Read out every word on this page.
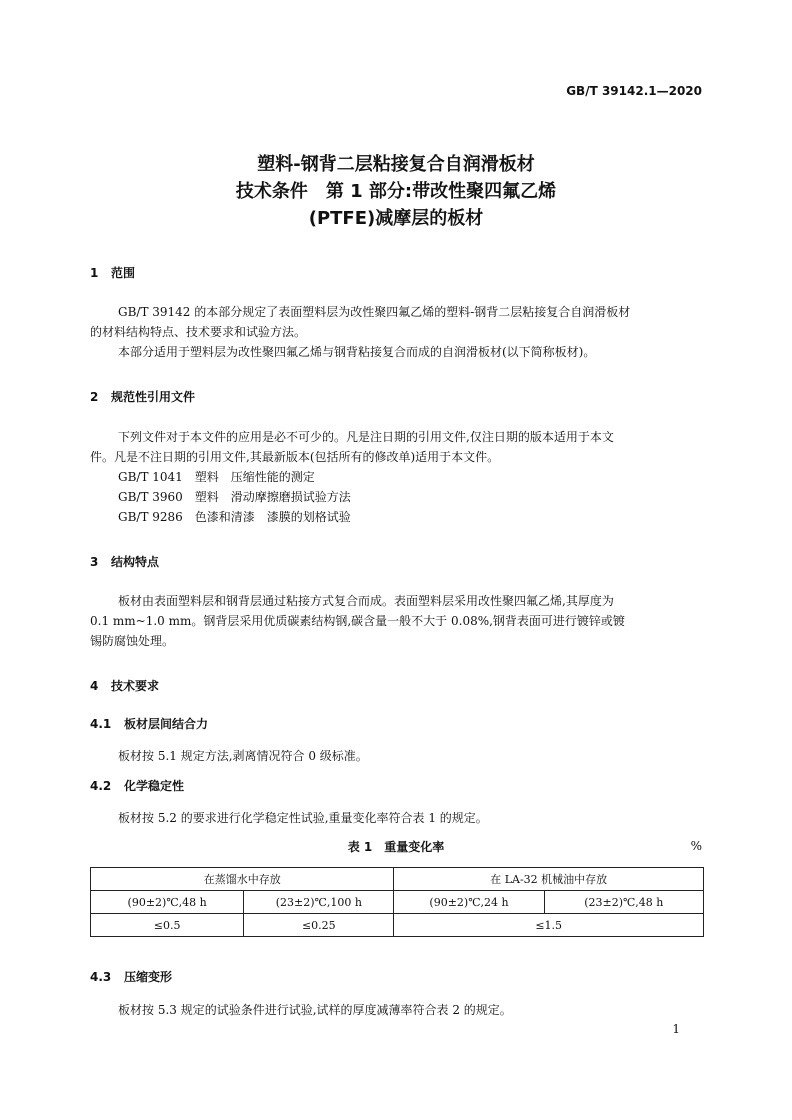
GB/T 39142.1—2020
塑料-钢背二层粘接复合自润滑板材
技术条件　第 1 部分:带改性聚四氟乙烯
(PTFE)减摩层的板材
1 范围
GB/T 39142 的本部分规定了表面塑料层为改性聚四氟乙烯的塑料-钢背二层粘接复合自润滑板材
的材料结构特点、技术要求和试验方法。
本部分适用于塑料层为改性聚四氟乙烯与钢背粘接复合而成的自润滑板材(以下简称板材)。
2 规范性引用文件
下列文件对于本文件的应用是必不可少的。凡是注日期的引用文件,仅注日期的版本适用于本文
件。凡是不注日期的引用文件,其最新版本(包括所有的修改单)适用于本文件。
GB/T 1041　塑料　压缩性能的测定
GB/T 3960　塑料　滑动摩擦磨损试验方法
GB/T 9286　色漆和清漆　漆膜的划格试验
3 结构特点
板材由表面塑料层和钢背层通过粘接方式复合而成。表面塑料层采用改性聚四氟乙烯,其厚度为
0.1 mm~1.0 mm。钢背层采用优质碳素结构钢,碳含量一般不大于 0.08%,钢背表面可进行镀锌或镀
锡防腐蚀处理。
4 技术要求
4.1 板材层间结合力
板材按 5.1 规定方法,剥离情况符合 0 级标准。
4.2 化学稳定性
板材按 5.2 的要求进行化学稳定性试验,重量变化率符合表 1 的规定。
表 1　重量变化率	%
在蒸馏水中存放		在 LA-32 机械油中存放	
(90±2)℃,48 h	(23±2)℃,100 h	(90±2)℃,24 h	(23±2)℃,48 h
≤0.5	≤0.25	≤1.5	
4.3 压缩变形
板材按 5.3 规定的试验条件进行试验,试样的厚度减薄率符合表 2 的规定。
1
